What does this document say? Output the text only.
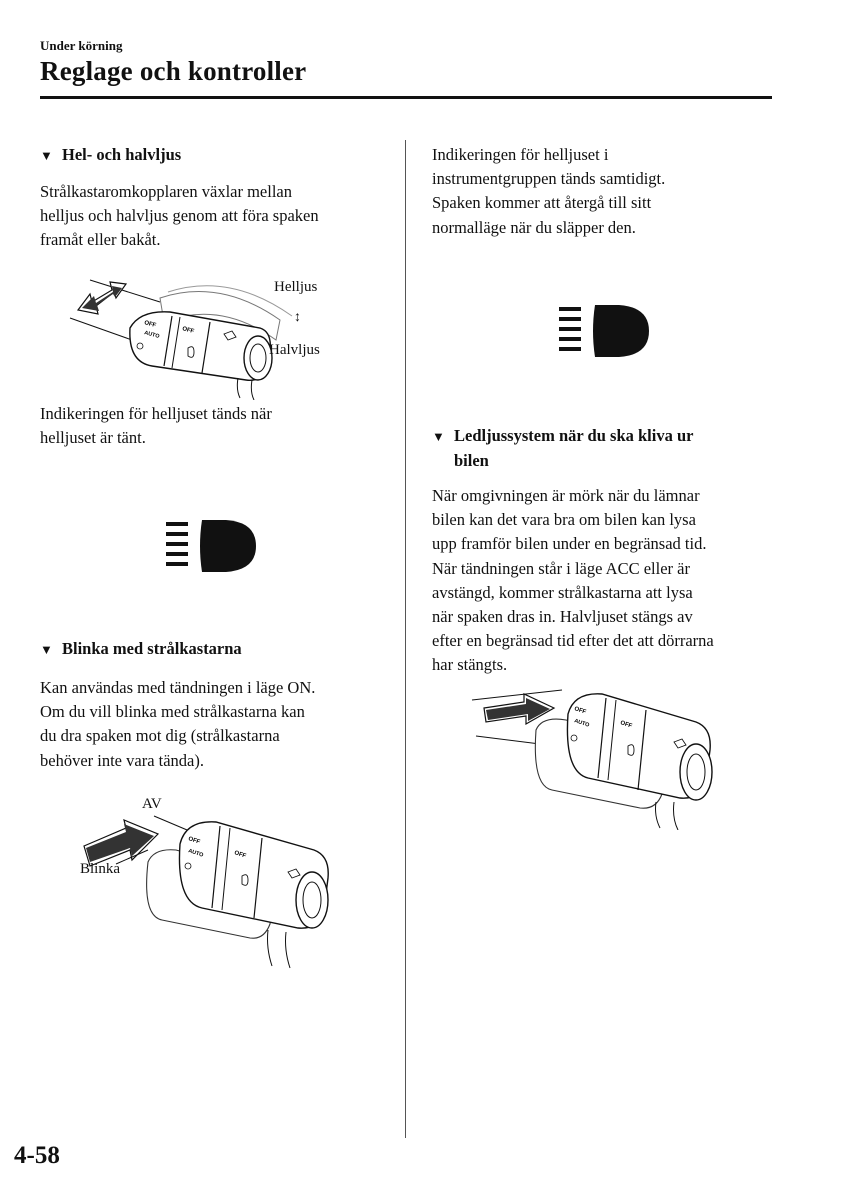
Under körning
Reglage och kontroller
▼ Hel- och halvljus
Strålkastaromkopplaren växlar mellan
helljus och halvljus genom att föra spaken
framåt eller bakåt.
OFF
AUTO	OFF
Helljus
↕
Halvljus
Indikeringen för helljuset tänds när
helljuset är tänt.
▼ Blinka med strålkastarna
Kan användas med tändningen i läge ON.
Om du vill blinka med strålkastarna kan
du dra spaken mot dig (strålkastarna
behöver inte vara tända).
OFF
AUTO	OFF
AV
Blinka
Indikeringen för helljuset i
instrumentgruppen tänds samtidigt.
Spaken kommer att återgå till sitt
normalläge när du släpper den.
▼ Ledljussystem när du ska kliva ur
bilen
När omgivningen är mörk när du lämnar
bilen kan det vara bra om bilen kan lysa
upp framför bilen under en begränsad tid.
När tändningen står i läge ACC eller är
avstängd, kommer strålkastarna att lysa
när spaken dras in. Halvljuset stängs av
efter en begränsad tid efter det att dörrarna
har stängts.
OFF
AUTO	OFF
4-58
